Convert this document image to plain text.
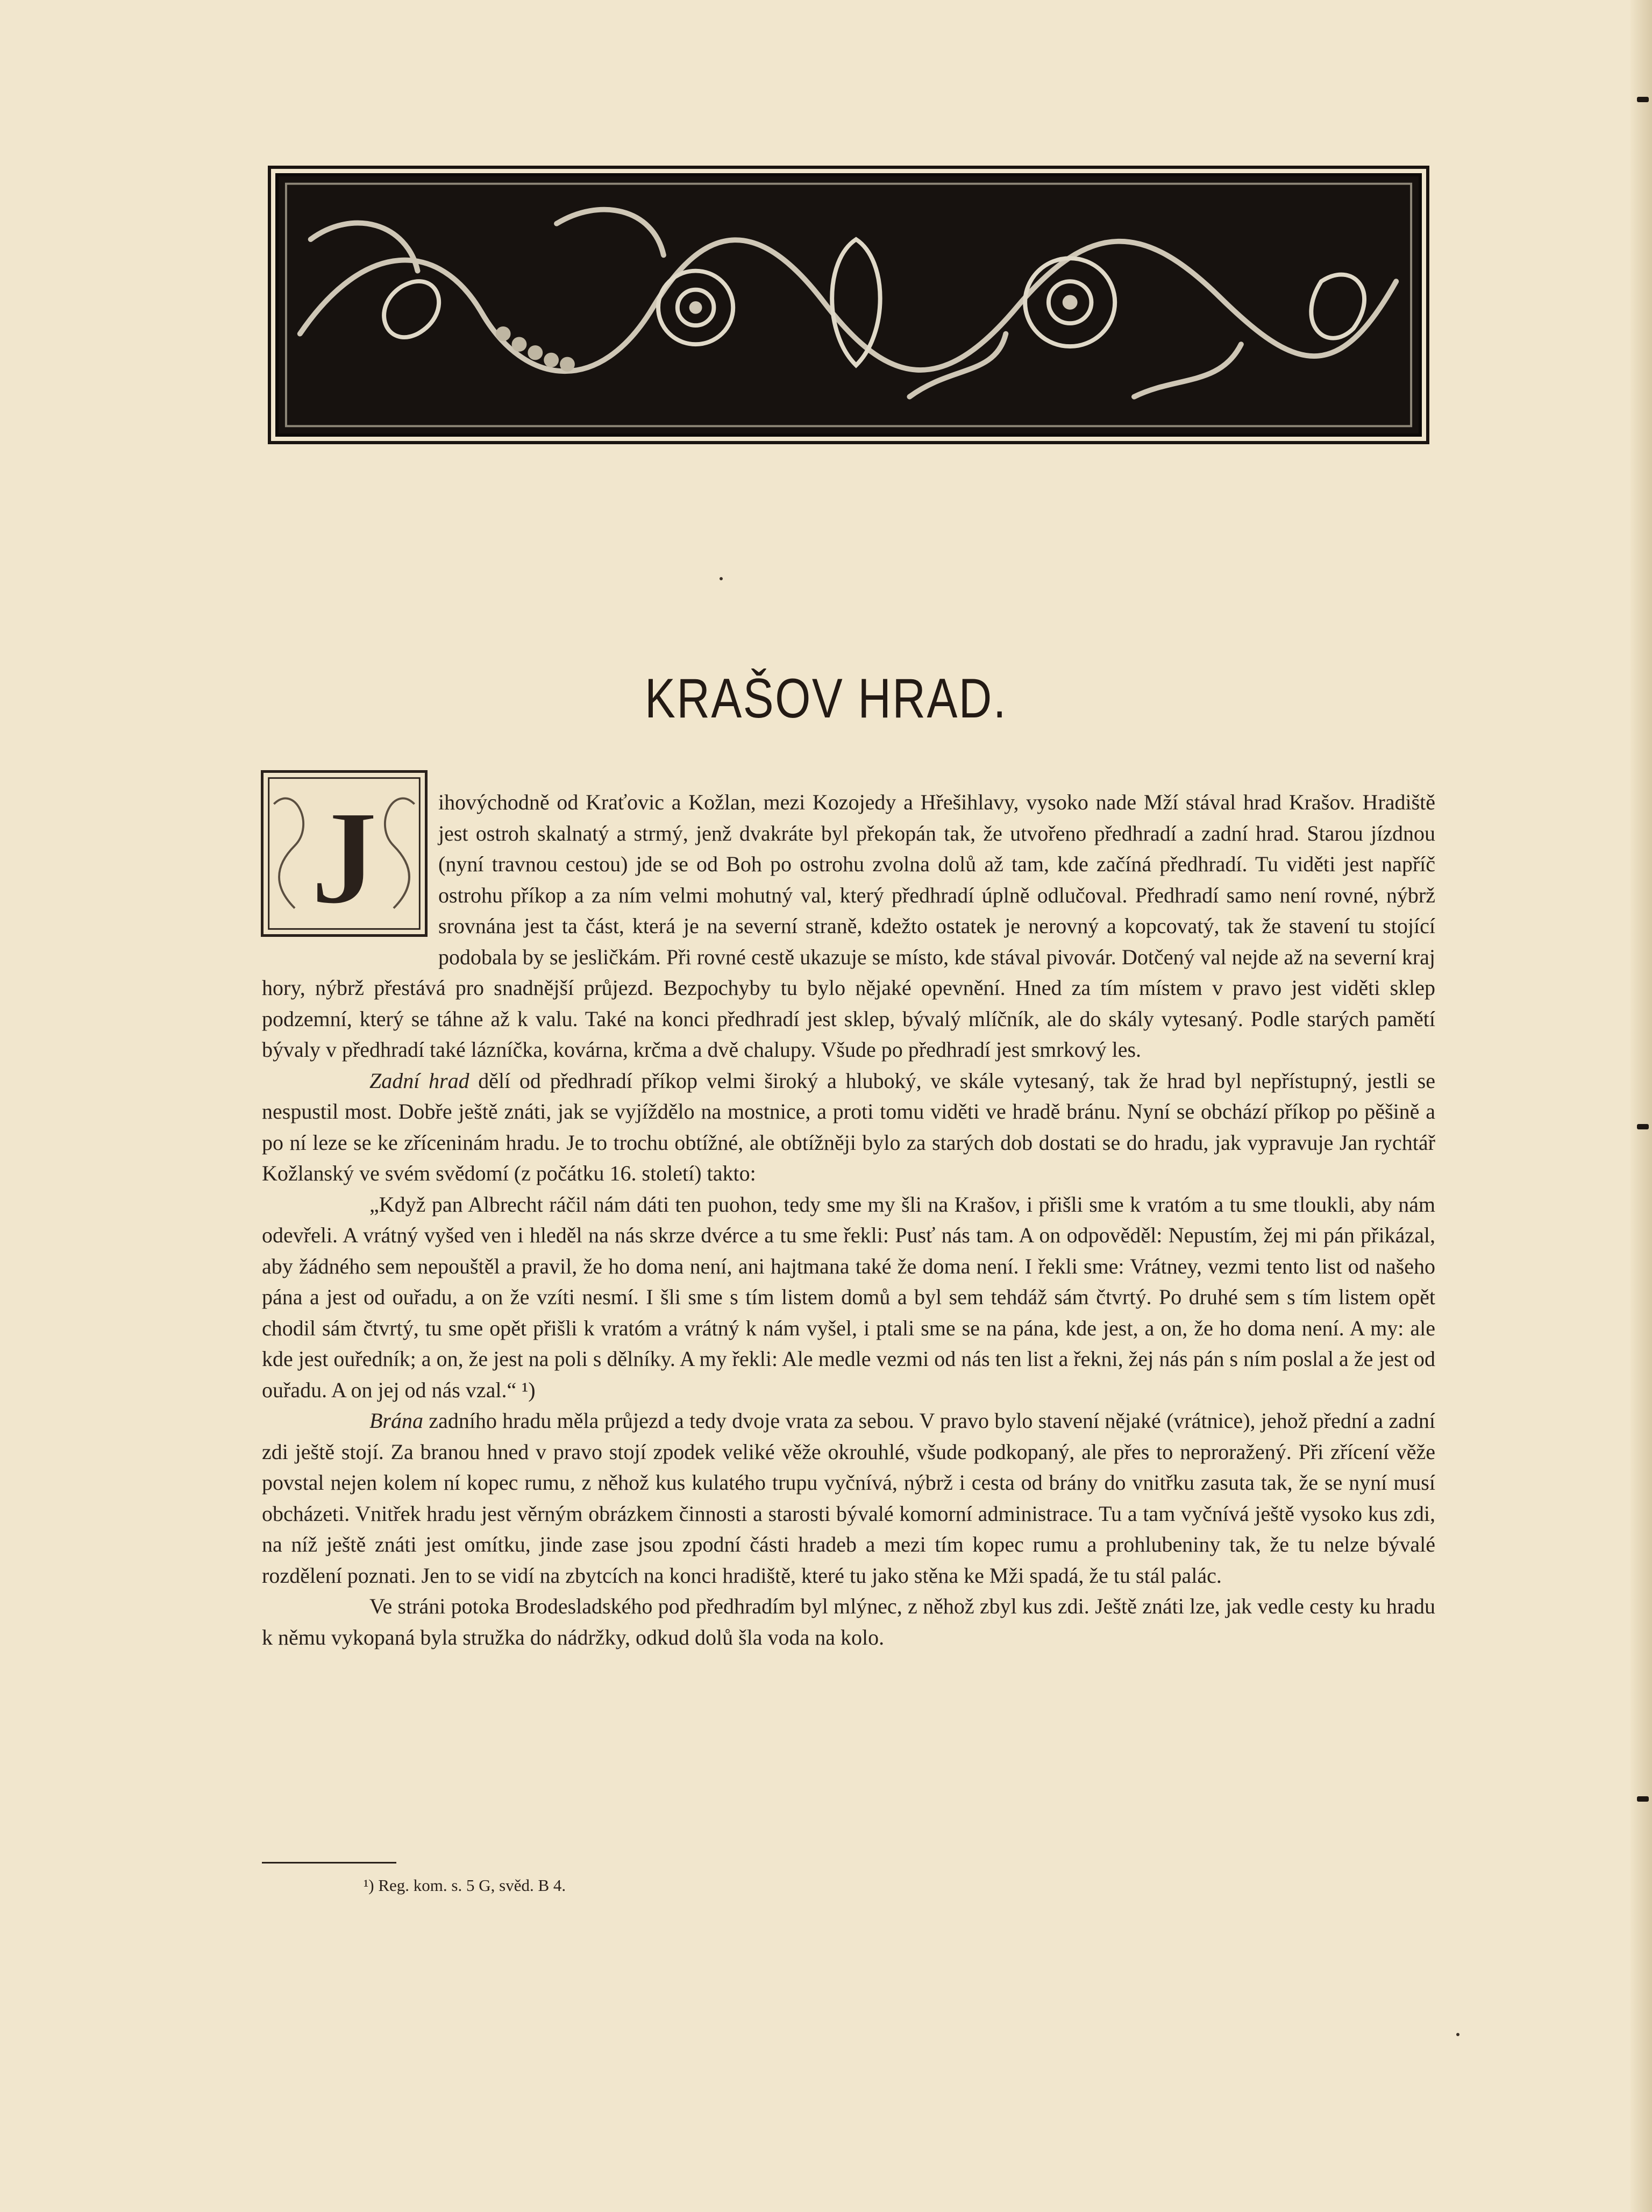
KRAŠOV HRAD.
J	ihovýchodně od Kraťovic a Kožlan, mezi Kozojedy a Hřešihlavy, vysoko nade Mží stával hrad Krašov. Hradiště jest ostroh skalnatý a strmý, jenž dvakráte byl překopán tak, že utvořeno předhradí a zadní hrad. Starou jízdnou (nyní travnou cestou) jde se od Boh po ostrohu zvolna dolů až tam, kde začíná předhradí. Tu viděti jest napříč ostrohu příkop a za ním velmi mohutný val, který předhradí úplně odlučoval. Předhradí samo není rovné, nýbrž srovnána jest ta část, která je na severní straně, kdežto ostatek je nerovný a kopcovatý, tak že stavení tu stojící podobala by se jesličkám. Při rovné cestě ukazuje se místo, kde stával pivovár. Dotčený val nejde až na severní kraj hory, nýbrž přestává pro snadnější průjezd. Bezpochyby tu bylo nějaké opevnění. Hned za tím místem v pravo jest viděti sklep podzemní, který se táhne až k valu. Také na konci předhradí jest sklep, bývalý mlíčník, ale do skály vytesaný. Podle starých pamětí bývaly v předhradí také lázníčka, kovárna, krčma a dvě chalupy. Všude po předhradí jest smrkový les.

Zadní hrad dělí od předhradí příkop velmi široký a hluboký, ve skále vytesaný, tak že hrad byl nepřístupný, jestli se nespustil most. Dobře ještě znáti, jak se vyjíždělo na mostnice, a proti tomu viděti ve hradě bránu. Nyní se obchází příkop po pěšině a po ní leze se ke zříceninám hradu. Je to trochu obtížné, ale obtížněji bylo za starých dob dostati se do hradu, jak vypravuje Jan rychtář Kožlanský ve svém svědomí (z počátku 16. století) takto:

„Když pan Albrecht ráčil nám dáti ten puohon, tedy sme my šli na Krašov, i přišli sme k vratóm a tu sme tloukli, aby nám odevřeli. A vrátný vyšed ven i hleděl na nás skrze dvérce a tu sme řekli: Pusť nás tam. A on odpověděl: Nepustím, žej mi pán přikázal, aby žádného sem nepouštěl a pravil, že ho doma není, ani hajtmana také že doma není. I řekli sme: Vrátney, vezmi tento list od našeho pána a jest od ouřadu, a on že vzíti nesmí. I šli sme s tím listem domů a byl sem tehdáž sám čtvrtý. Po druhé sem s tím listem opět chodil sám čtvrtý, tu sme opět přišli k vratóm a vrátný k nám vyšel, i ptali sme se na pána, kde jest, a on, že ho doma není. A my: ale kde jest ouředník; a on, že jest na poli s dělníky. A my řekli: Ale medle vezmi od nás ten list a řekni, žej nás pán s ním poslal a že jest od ouřadu. A on jej od nás vzal.“ ¹)

Brána zadního hradu měla průjezd a tedy dvoje vrata za sebou. V pravo bylo stavení nějaké (vrátnice), jehož přední a zadní zdi ještě stojí. Za branou hned v pravo stojí zpodek veliké věže okrouhlé, všude podkopaný, ale přes to neproražený. Při zřícení věže povstal nejen kolem ní kopec rumu, z něhož kus kulatého trupu vyčnívá, nýbrž i cesta od brány do vnitřku zasuta tak, že se nyní musí obcházeti. Vnitřek hradu jest věrným obrázkem činnosti a starosti bývalé komorní administrace. Tu a tam vyčnívá ještě vysoko kus zdi, na níž ještě znáti jest omítku, jinde zase jsou zpodní části hradeb a mezi tím kopec rumu a prohlubeniny tak, že tu nelze bývalé rozdělení poznati. Jen to se vidí na zbytcích na konci hradiště, které tu jako stěna ke Mži spadá, že tu stál palác.

Ve stráni potoka Brodesladského pod předhradím byl mlýnec, z něhož zbyl kus zdi. Ještě znáti lze, jak vedle cesty ku hradu k němu vykopaná byla stružka do nádržky, odkud dolů šla voda na kolo.

¹) Reg. kom. s. 5 G, svěd. B 4.
